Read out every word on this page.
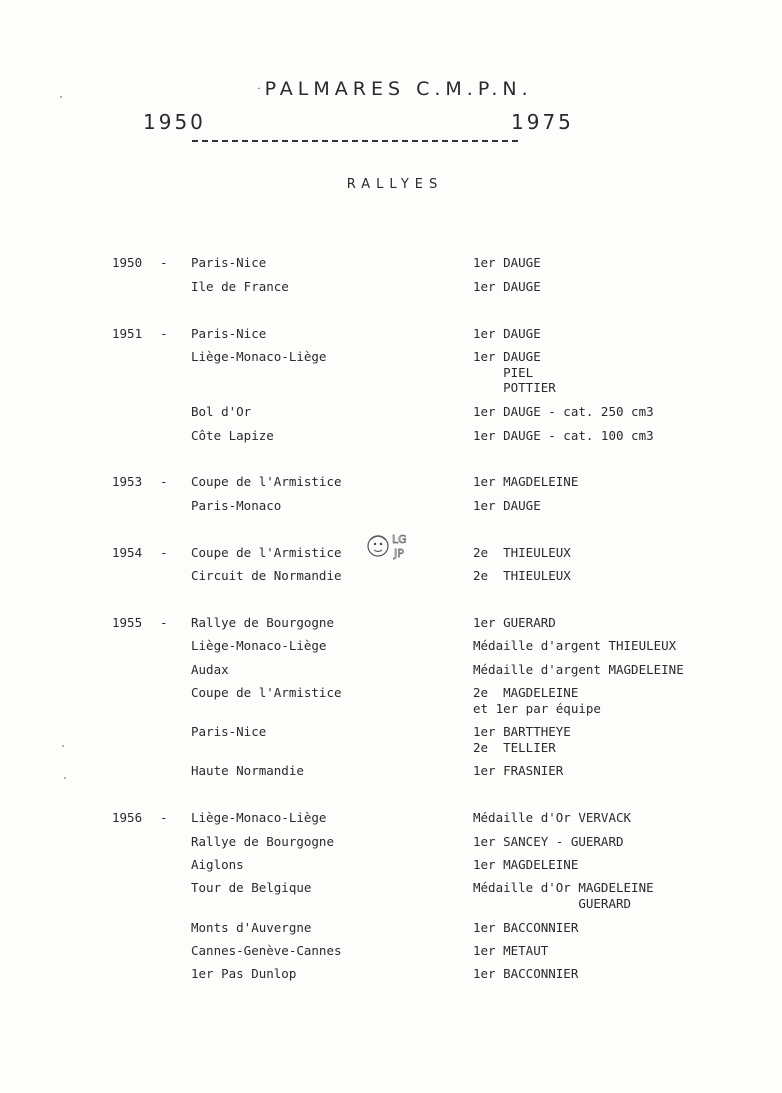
· PALMARES C.M.P.N.
1950	1975
RALLYES
1950 - Paris-Nice	1er DAUGE
Ile de France	1er DAUGE
1951 - Paris-Nice	1er DAUGE
Liège-Monaco-Liège	1er DAUGE
PIEL
POTTIER
Bol d'Or	1er DAUGE - cat. 250 cm3
Côte Lapize	1er DAUGE - cat. 100 cm3
1953 - Coupe de l'Armistice	1er MAGDELEINE
Paris-Monaco	1er DAUGE
1954 - Coupe de l'Armistice	2e  THIEULEUX
Circuit de Normandie	2e  THIEULEUX
1955 - Rallye de Bourgogne	1er GUERARD
Liège-Monaco-Liège	Médaille d'argent THIEULEUX
Audax	Médaille d'argent MAGDELEINE
Coupe de l'Armistice	2e  MAGDELEINE
et 1er par équipe
Paris-Nice	1er BARTTHEYE
2e  TELLIER
Haute Normandie	1er FRASNIER
1956 - Liège-Monaco-Liège	Médaille d'Or VERVACK
Rallye de Bourgogne	1er SANCEY - GUERARD
Aiglons	1er MAGDELEINE
Tour de Belgique	Médaille d'Or MAGDELEINE
GUERARD
Monts d'Auvergne	1er BACCONNIER
Cannes-Genève-Cannes	1er METAUT
1er Pas Dunlop	1er BACCONNIER
LG
JP
